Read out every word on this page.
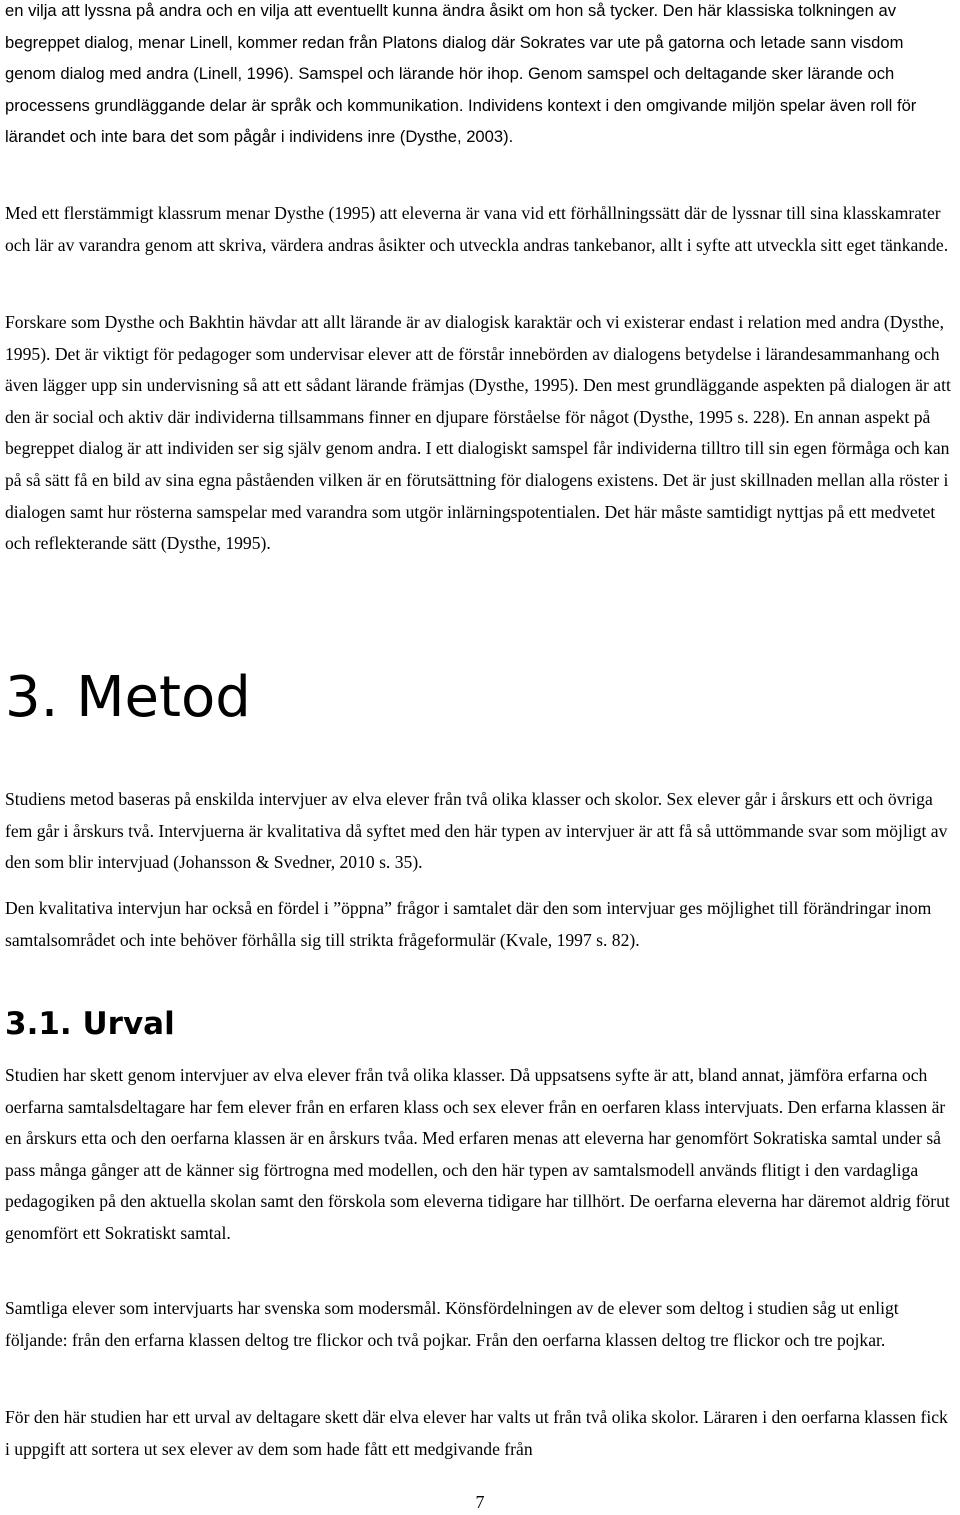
en vilja att lyssna på andra och en vilja att eventuellt kunna ändra åsikt om hon så tycker. Den här klassiska tolkningen av begreppet dialog, menar Linell, kommer redan från Platons dialog där Sokrates var ute på gatorna och letade sann visdom genom dialog med andra (Linell, 1996). Samspel och lärande hör ihop. Genom samspel och deltagande sker lärande och processens grundläggande delar är språk och kommunikation. Individens kontext i den omgivande miljön spelar även roll för lärandet och inte bara det som pågår i individens inre (Dysthe, 2003).

Med ett flerstämmigt klassrum menar Dysthe (1995) att eleverna är vana vid ett förhållningssätt där de lyssnar till sina klasskamrater och lär av varandra genom att skriva, värdera andras åsikter och utveckla andras tankebanor, allt i syfte att utveckla sitt eget tänkande.

Forskare som Dysthe och Bakhtin hävdar att allt lärande är av dialogisk karaktär och vi existerar endast i relation med andra (Dysthe, 1995). Det är viktigt för pedagoger som undervisar elever att de förstår innebörden av dialogens betydelse i lärandesammanhang och även lägger upp sin undervisning så att ett sådant lärande främjas (Dysthe, 1995). Den mest grundläggande aspekten på dialogen är att den är social och aktiv där individerna tillsammans finner en djupare förståelse för något (Dysthe, 1995 s. 228). En annan aspekt på begreppet dialog är att individen ser sig själv genom andra. I ett dialogiskt samspel får individerna tilltro till sin egen förmåga och kan på så sätt få en bild av sina egna påståenden vilken är en förutsättning för dialogens existens. Det är just skillnaden mellan alla röster i dialogen samt hur rösterna samspelar med varandra som utgör inlärningspotentialen. Det här måste samtidigt nyttjas på ett medvetet och reflekterande sätt (Dysthe, 1995).

3. Metod

Studiens metod baseras på enskilda intervjuer av elva elever från två olika klasser och skolor. Sex elever går i årskurs ett och övriga fem går i årskurs två. Intervjuerna är kvalitativa då syftet med den här typen av intervjuer är att få så uttömmande svar som möjligt av den som blir intervjuad (Johansson & Svedner, 2010 s. 35).

Den kvalitativa intervjun har också en fördel i ”öppna” frågor i samtalet där den som intervjuar ges möjlighet till förändringar inom samtalsområdet och inte behöver förhålla sig till strikta frågeformulär (Kvale, 1997 s. 82).

3.1. Urval

Studien har skett genom intervjuer av elva elever från två olika klasser. Då uppsatsens syfte är att, bland annat, jämföra erfarna och oerfarna samtalsdeltagare har fem elever från en erfaren klass och sex elever från en oerfaren klass intervjuats. Den erfarna klassen är en årskurs etta och den oerfarna klassen är en årskurs tvåa. Med erfaren menas att eleverna har genomfört Sokratiska samtal under så pass många gånger att de känner sig förtrogna med modellen, och den här typen av samtalsmodell används flitigt i den vardagliga pedagogiken på den aktuella skolan samt den förskola som eleverna tidigare har tillhört. De oerfarna eleverna har däremot aldrig förut genomfört ett Sokratiskt samtal.

Samtliga elever som intervjuarts har svenska som modersmål. Könsfördelningen av de elever som deltog i studien såg ut enligt följande: från den erfarna klassen deltog tre flickor och två pojkar. Från den oerfarna klassen deltog tre flickor och tre pojkar.

För den här studien har ett urval av deltagare skett där elva elever har valts ut från två olika skolor. Läraren i den oerfarna klassen fick i uppgift att sortera ut sex elever av dem som hade fått ett medgivande från

7
